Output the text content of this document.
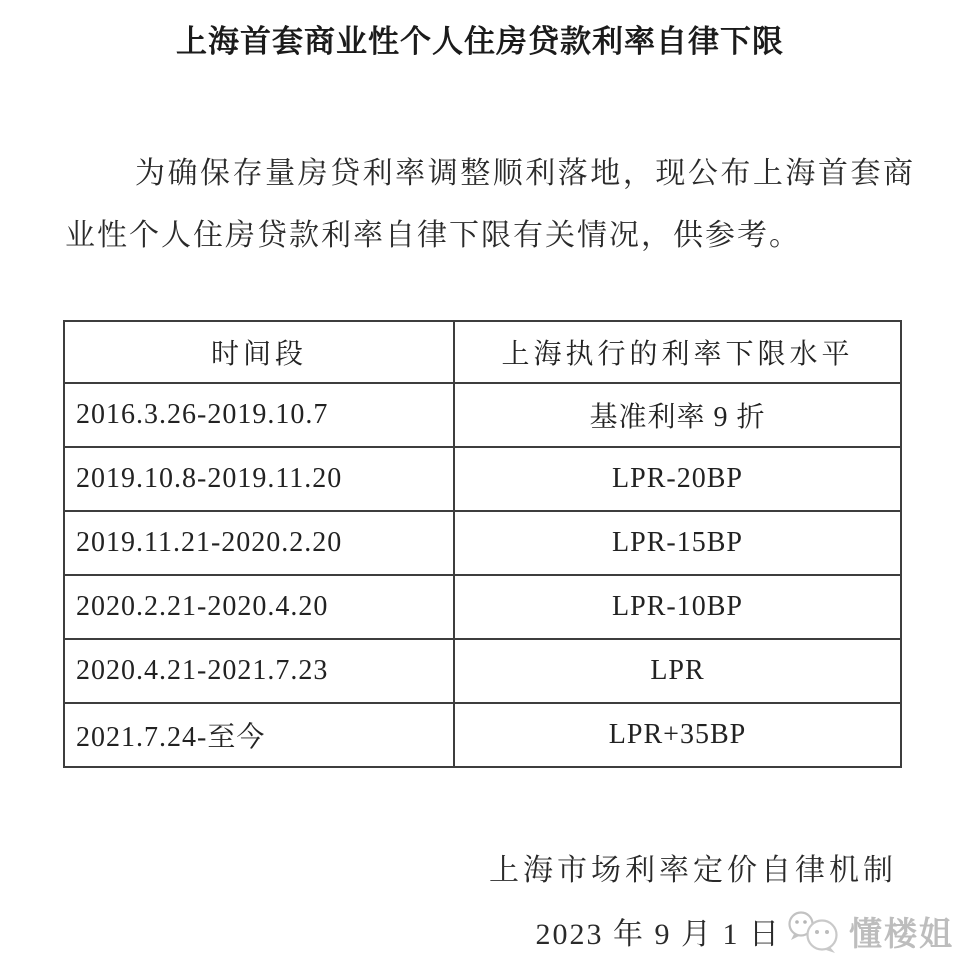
上海首套商业性个人住房贷款利率自律下限

为确保存量房贷利率调整顺利落地，现公布上海首套商业性个人住房贷款利率自律下限有关情况，供参考。

时间段	上海执行的利率下限水平
2016.3.26-2019.10.7	基准利率 9 折
2019.10.8-2019.11.20	LPR-20BP
2019.11.21-2020.2.20	LPR-15BP
2020.2.21-2020.4.20	LPR-10BP
2020.4.21-2021.7.23	LPR
2021.7.24-至今	LPR+35BP
上海市场利率定价自律机制
2023 年 9 月 1 日 懂楼姐
